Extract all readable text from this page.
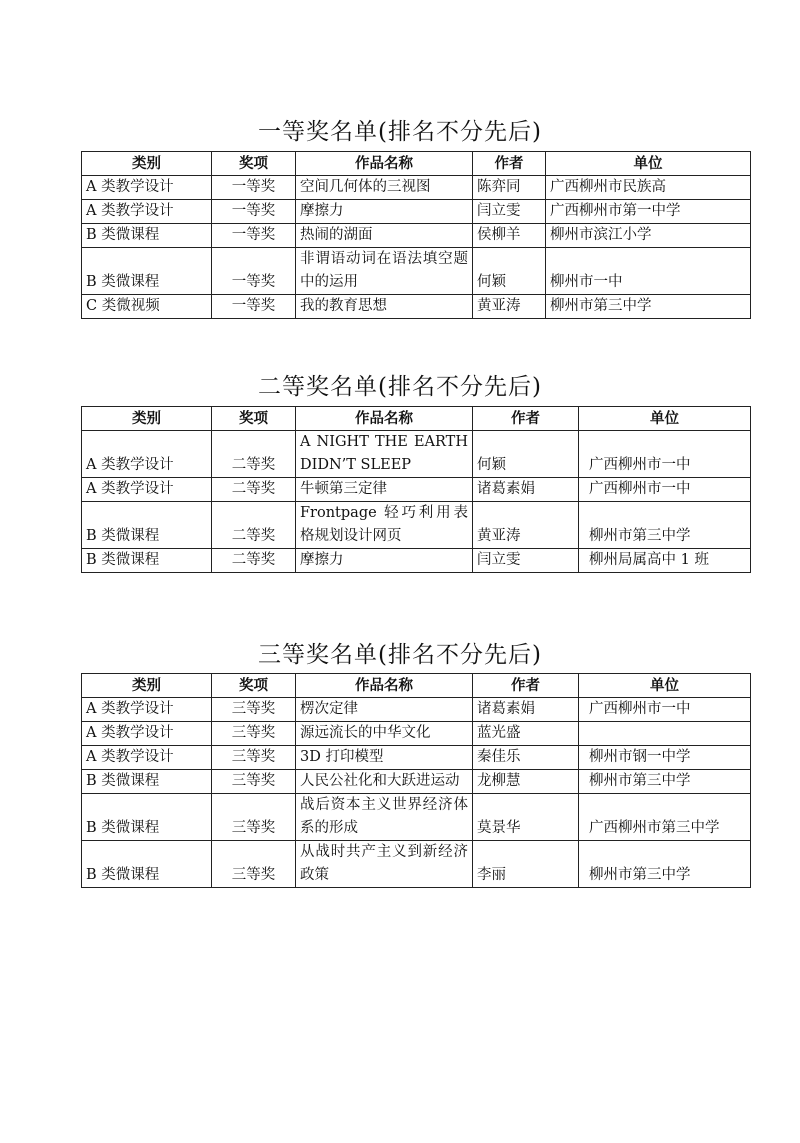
一等奖名单(排名不分先后)
类别	奖项	作品名称	作者	单位
A 类教学设计	一等奖	空间几何体的三视图	陈弈同	广西柳州市民族高
A 类教学设计	一等奖	摩擦力	闫立雯	广西柳州市第一中学
B 类微课程	一等奖	热闹的湖面	侯柳羊	柳州市滨江小学
B 类微课程	一等奖	非谓语动词在语法填空题中的运用	何颖	柳州市一中
C 类微视频	一等奖	我的教育思想	黄亚涛	柳州市第三中学
二等奖名单(排名不分先后)
类别	奖项	作品名称	作者	单位
A 类教学设计	二等奖	A NIGHT THE EARTH DIDN’T SLEEP	何颖	广西柳州市一中
A 类教学设计	二等奖	牛顿第三定律	诸葛素娟	广西柳州市一中
B 类微课程	二等奖	Frontpage 轻巧利用表格规划设计网页	黄亚涛	柳州市第三中学
B 类微课程	二等奖	摩擦力	闫立雯	柳州局属高中 1 班
三等奖名单(排名不分先后)
类别	奖项	作品名称	作者	单位
A 类教学设计	三等奖	楞次定律	诸葛素娟	广西柳州市一中
A 类教学设计	三等奖	源远流长的中华文化	蓝光盛	
A 类教学设计	三等奖	3D 打印模型	秦佳乐	柳州市钢一中学
B 类微课程	三等奖	人民公社化和大跃进运动	龙柳慧	柳州市第三中学
B 类微课程	三等奖	战后资本主义世界经济体系的形成	莫景华	广西柳州市第三中学
B 类微课程	三等奖	从战时共产主义到新经济政策	李丽	柳州市第三中学
